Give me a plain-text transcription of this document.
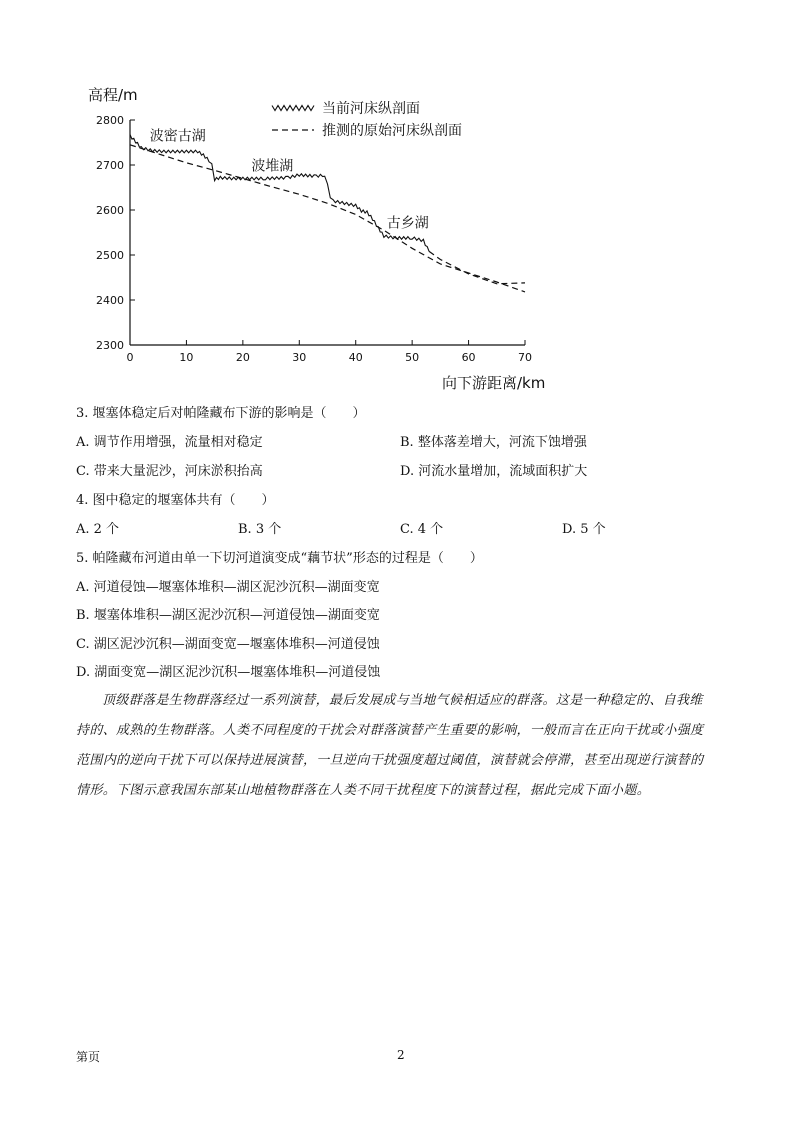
高程/m
向下游距离/km
2300
2400
2500
2600
2700
2800
0	10	20	30	40	50	60	70
当前河床纵剖面
推测的原始河床纵剖面
波密古湖
波堆湖
古乡湖
3. 堰塞体稳定后对帕隆藏布下游的影响是（　　）
A. 调节作用增强，流量相对稳定	B. 整体落差增大，河流下蚀增强
C. 带来大量泥沙，河床淤积抬高	D. 河流水量增加，流域面积扩大
4. 图中稳定的堰塞体共有（　　）
A. 2 个	B. 3 个	C. 4 个	D. 5 个
5. 帕隆藏布河道由单一下切河道演变成“藕节状”形态的过程是（　　）
A. 河道侵蚀—堰塞体堆积—湖区泥沙沉积—湖面变宽
B. 堰塞体堆积—湖区泥沙沉积—河道侵蚀—湖面变宽
C. 湖区泥沙沉积—湖面变宽—堰塞体堆积—河道侵蚀
D. 湖面变宽—湖区泥沙沉积—堰塞体堆积—河道侵蚀
顶级群落是生物群落经过一系列演替，最后发展成与当地气候相适应的群落。这是一种稳定的、自我维持的、成熟的生物群落。人类不同程度的干扰会对群落演替产生重要的影响，一般而言在正向干扰或小强度范围内的逆向干扰下可以保持进展演替，一旦逆向干扰强度超过阈值，演替就会停滞，甚至出现逆行演替的情形。下图示意我国东部某山地植物群落在人类不同干扰程度下的演替过程，据此完成下面小题。
第页	2
